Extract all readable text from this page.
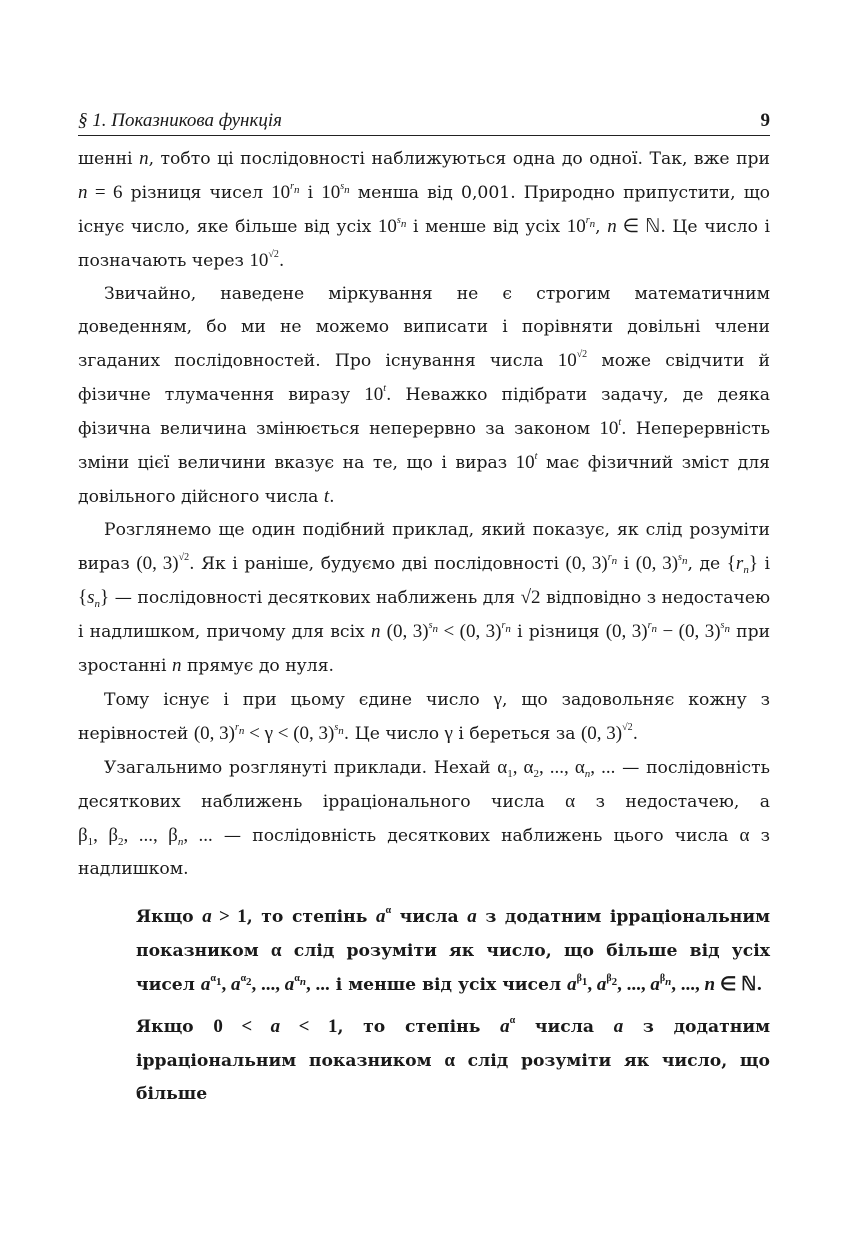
§ 1. Показникова функція	9

шенні n, тобто ці послідовності наближуються одна до одної. Так, вже при n = 6 різниця чисел $10^{r_n}$ і $10^{s_n}$ менша від 0,001. Природно припустити, що існує число, яке більше від усіх $10^{s_n}$ і менше від усіх $10^{r_n}$, n ∈ ℕ. Це число і позначають через $10^{√2}$.

Звичайно, наведене міркування не є строгим математичним доведенням, бо ми не можемо виписати і порівняти довільні члени згаданих послідовностей. Про існування числа $10^{√2}$ може свідчити й фізичне тлумачення виразу 10$^t$. Неважко підібрати задачу, де деяка фізична величина змінюється неперервно за законом 10$^t$. Неперервність зміни цієї величини вказує на те, що і вираз 10$^t$ має фізичний зміст для довільного дійсного числа t.

Розглянемо ще один подібний приклад, який показує, як слід розуміти вираз (0, 3)$^{√2}$. Як і раніше, будуємо дві послідовності (0, 3)$^{r_n}$ і (0, 3)$^{s_n}$, де $\{r_n\}$ і $\{s_n\}$ — послідовності десяткових наближень для √2 відповідно з недостачею і надлишком, причому для всіх n (0, 3)$^{s_n}$ < (0, 3)$^{r_n}$ і різниця (0, 3)$^{r_n}$ − (0, 3)$^{s_n}$ при зростанні n прямує до нуля.

Тому існує і при цьому єдине число γ, що задовольняє кожну з нерівностей (0, 3)$^{r_n}$ < γ < (0, 3)$^{s_n}$. Це число γ і береться за (0, 3)$^{√2}$.

Узагальнимо розглянуті приклади. Нехай $\alpha_1$, $\alpha_2$, ..., $\alpha_n$, ... — послідовність десяткових наближень ірраціонального числа α з недостачею, а $\beta_1$, $\beta_2$, ..., $\beta_n$, ... — послідовність десяткових наближень цього числа α з надлишком.

Якщо a > 1, то степінь $a^\alpha$ числа a з додатним ірраціональним показником α слід розуміти як число, що більше від усіх чисел $a^{\alpha_1}$, $a^{\alpha_2}$, ..., $a^{\alpha_n}$, ... і менше від усіх чисел $a^{\beta_1}$, $a^{\beta_2}$, ..., $a^{\beta_n}$, ..., n ∈ ℕ.

Якщо 0 < a < 1, то степінь $a^\alpha$ числа a з додатним ірраціональним показником α слід розуміти як число, що більше
